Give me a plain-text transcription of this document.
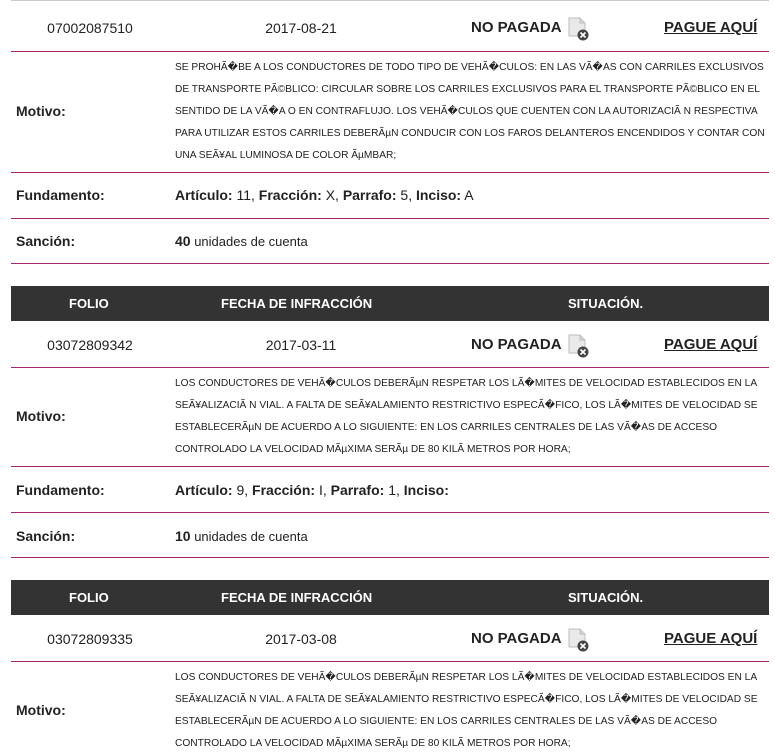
07002087510	2017-08-21	NO PAGADA	PAGUE AQUÍ
Motivo:
SE PROHÃ�BE A LOS CONDUCTORES DE TODO TIPO DE VEHÃ�CULOS: EN LAS VÃ�AS CON CARRILES EXCLUSIVOS
DE TRANSPORTE PÃ©BLICO: CIRCULAR SOBRE LOS CARRILES EXCLUSIVOS PARA EL TRANSPORTE PÃ©BLICO EN EL
SENTIDO DE LA VÃ�A O EN CONTRAFLUJO. LOS VEHÃ�CULOS QUE CUENTEN CON LA AUTORIZACIÃ N RESPECTIVA
PARA UTILIZAR ESTOS CARRILES DEBERÃµN CONDUCIR CON LOS FAROS DELANTEROS ENCENDIDOS Y CONTAR CON
UNA SEÃ¥AL LUMINOSA DE COLOR ÃµMBAR;
Fundamento:	Artículo: 11, Fracción: X, Parrafo: 5, Inciso: A
Sanción:	40 unidades de cuenta
FOLIO	FECHA DE INFRACCIÓN	SITUACIÓN.
03072809342	2017-03-11	NO PAGADA	PAGUE AQUÍ
Motivo:
LOS CONDUCTORES DE VEHÃ�CULOS DEBERÃµN RESPETAR LOS LÃ�MITES DE VELOCIDAD ESTABLECIDOS EN LA
SEÃ¥ALIZACIÃ N VIAL. A FALTA DE SEÃ¥ALAMIENTO RESTRICTIVO ESPECÃ�FICO, LOS LÃ�MITES DE VELOCIDAD SE
ESTABLECERÃµN DE ACUERDO A LO SIGUIENTE: EN LOS CARRILES CENTRALES DE LAS VÃ�AS DE ACCESO
CONTROLADO LA VELOCIDAD MÃµXIMA SERÃµ DE 80 KILÃ METROS POR HORA;
Fundamento:	Artículo: 9, Fracción: I, Parrafo: 1, Inciso:
Sanción:	10 unidades de cuenta
FOLIO	FECHA DE INFRACCIÓN	SITUACIÓN.
03072809335	2017-03-08	NO PAGADA	PAGUE AQUÍ
Motivo:
LOS CONDUCTORES DE VEHÃ�CULOS DEBERÃµN RESPETAR LOS LÃ�MITES DE VELOCIDAD ESTABLECIDOS EN LA
SEÃ¥ALIZACIÃ N VIAL. A FALTA DE SEÃ¥ALAMIENTO RESTRICTIVO ESPECÃ�FICO, LOS LÃ�MITES DE VELOCIDAD SE
ESTABLECERÃµN DE ACUERDO A LO SIGUIENTE: EN LOS CARRILES CENTRALES DE LAS VÃ�AS DE ACCESO
CONTROLADO LA VELOCIDAD MÃµXIMA SERÃµ DE 80 KILÃ METROS POR HORA;
